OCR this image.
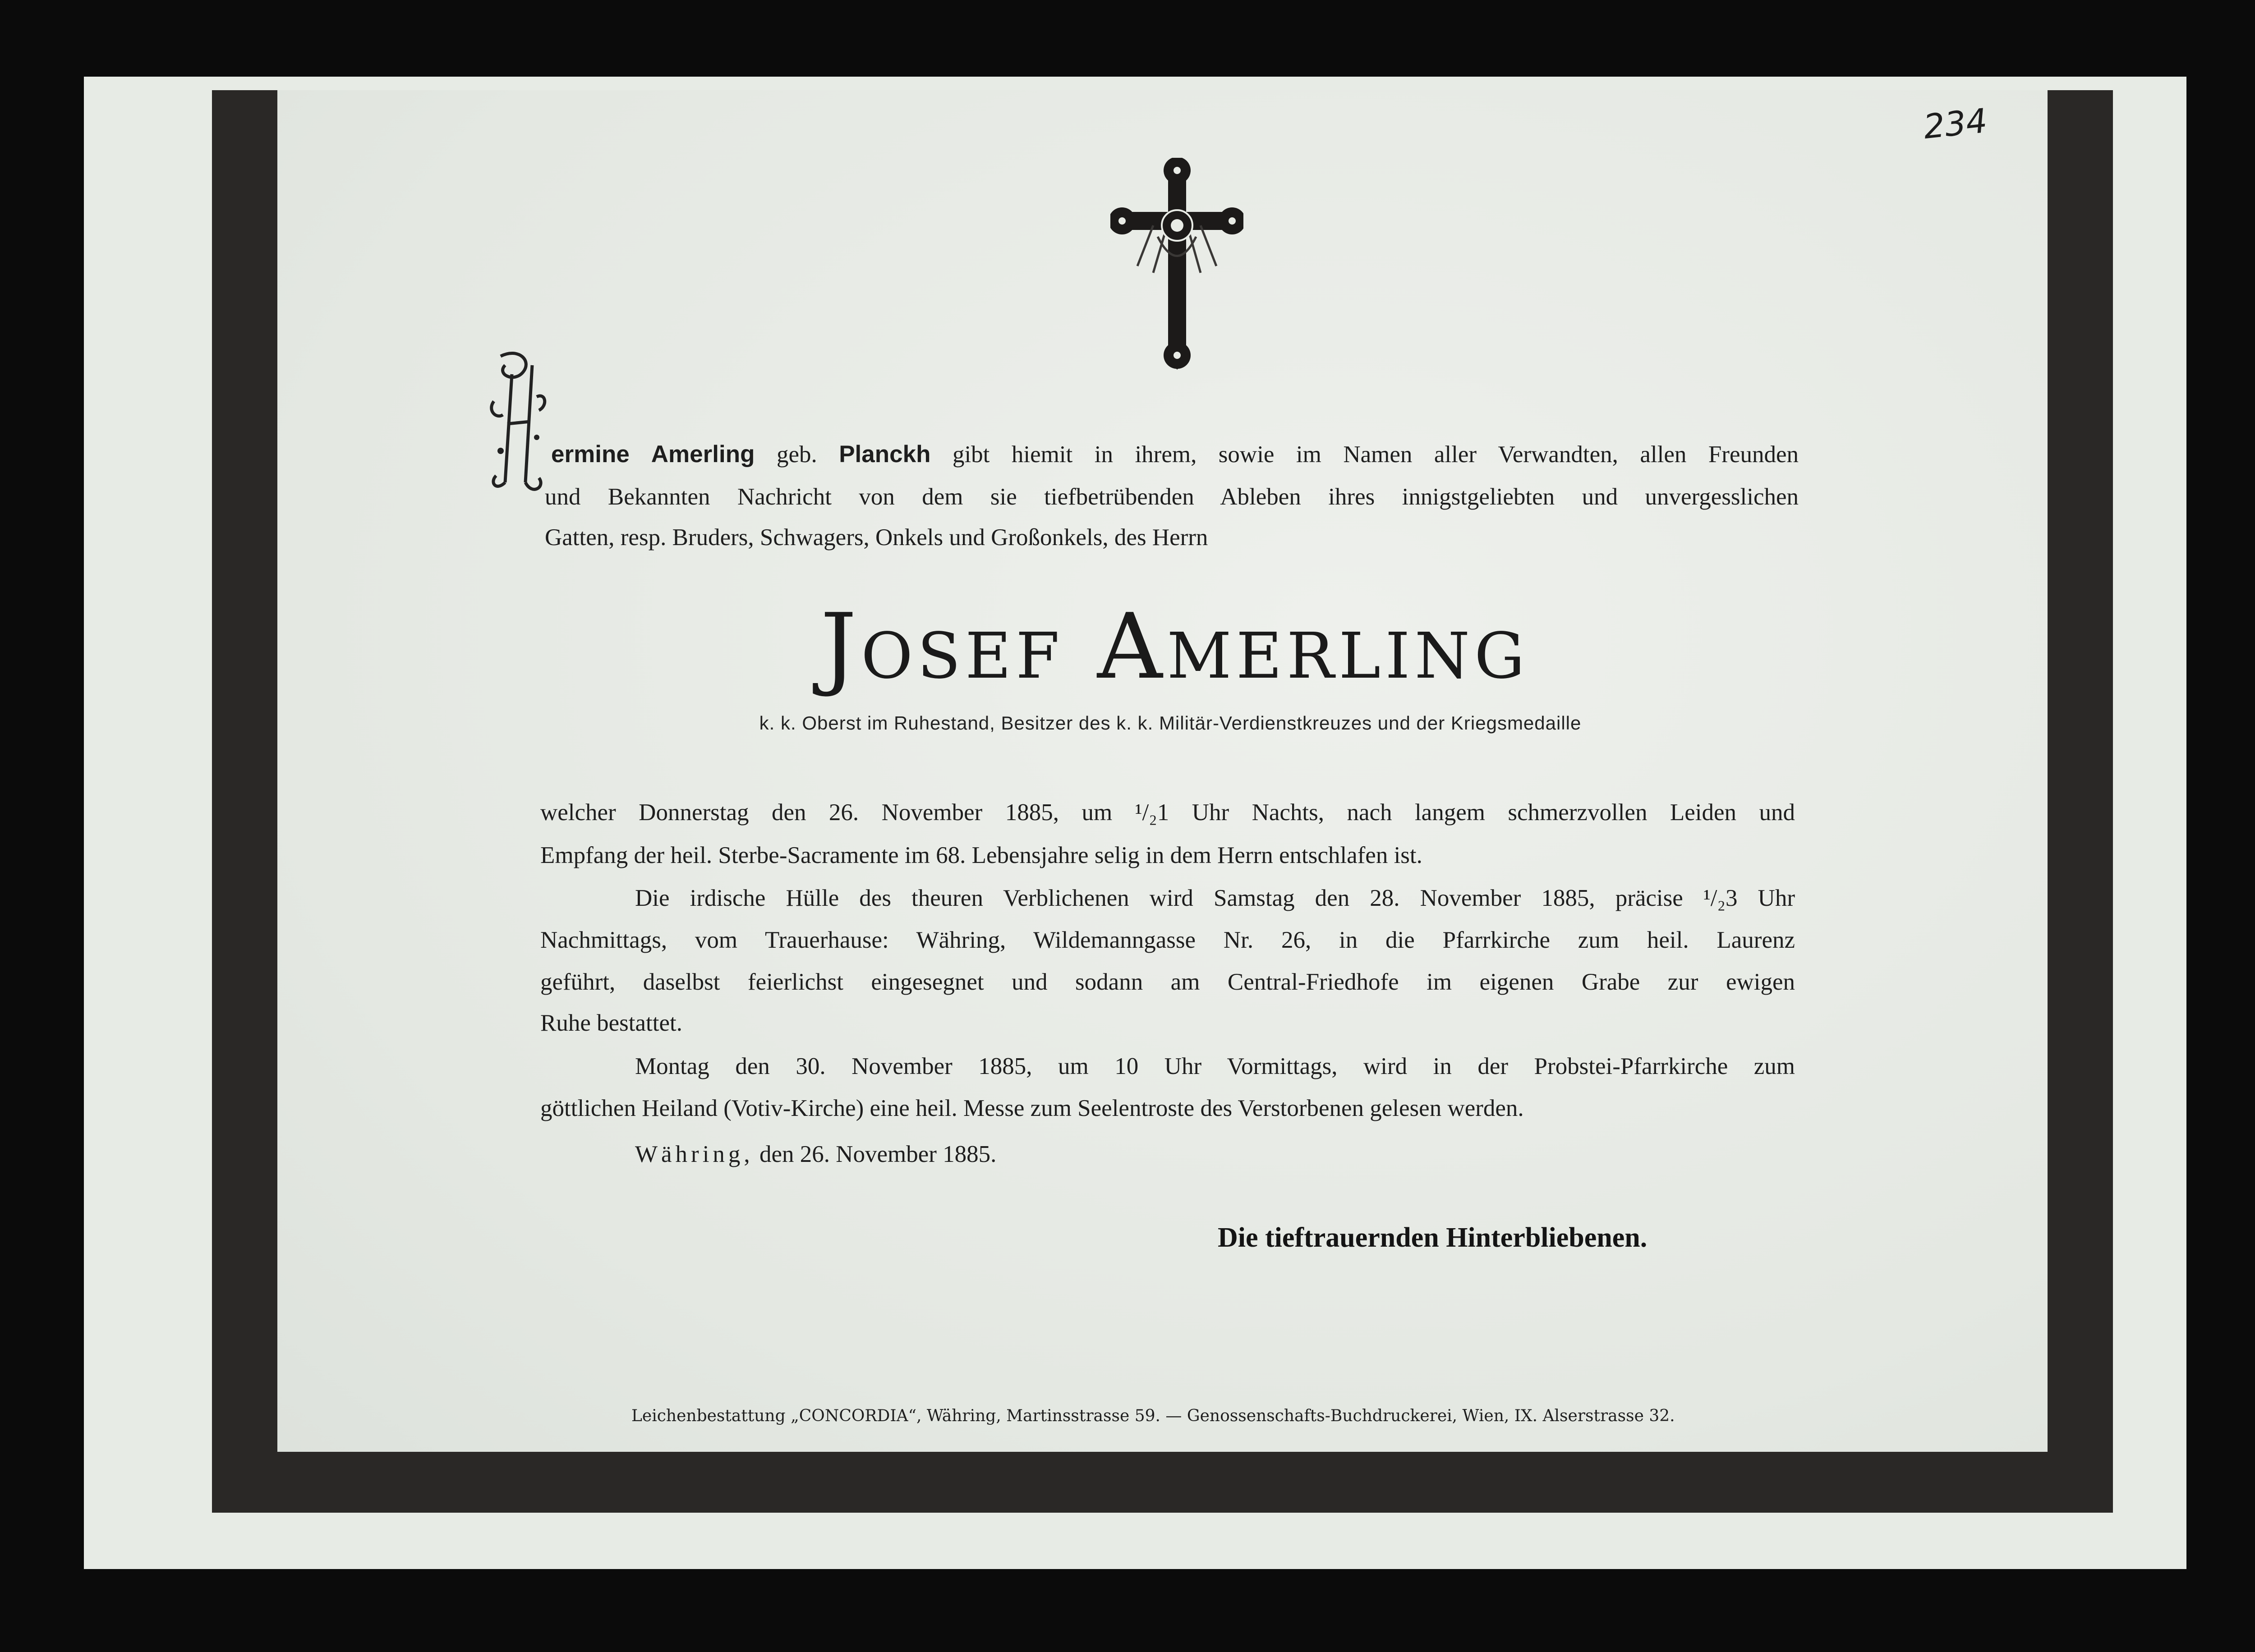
234

ermine Amerling geb. Planckh gibt hiemit in ihrem, sowie im Namen aller Verwandten, allen Freunden

und Bekannten Nachricht von dem sie tiefbetrübenden Ableben ihres innigstgeliebten und unvergesslichen

Gatten, resp. Bruders, Schwagers, Onkels und Großonkels, des Herrn

Josef Amerling
k. k. Oberst im Ruhestand, Besitzer des k. k. Militär-Verdienstkreuzes und der Kriegsmedaille

welcher Donnerstag den 26. November 1885, um ¹/₂1 Uhr Nachts, nach langem schmerzvollen Leiden und

Empfang der heil. Sterbe-Sacramente im 68. Lebensjahre selig in dem Herrn entschlafen ist.

Die irdische Hülle des theuren Verblichenen wird Samstag den 28. November 1885, präcise ¹/₂3 Uhr

Nachmittags, vom Trauerhause: Währing, Wildemanngasse Nr. 26, in die Pfarrkirche zum heil. Laurenz

geführt, daselbst feierlichst eingesegnet und sodann am Central-Friedhofe im eigenen Grabe zur ewigen

Ruhe bestattet.

Montag den 30. November 1885, um 10 Uhr Vormittags, wird in der Probstei-Pfarrkirche zum

göttlichen Heiland (Votiv-Kirche) eine heil. Messe zum Seelentroste des Verstorbenen gelesen werden.

Währing, den 26. November 1885.
Die tieftrauernden Hinterbliebenen.
Leichenbestattung „CONCORDIA“, Währing, Martinsstrasse 59. — Genossenschafts-Buchdruckerei, Wien, IX. Alserstrasse 32.
